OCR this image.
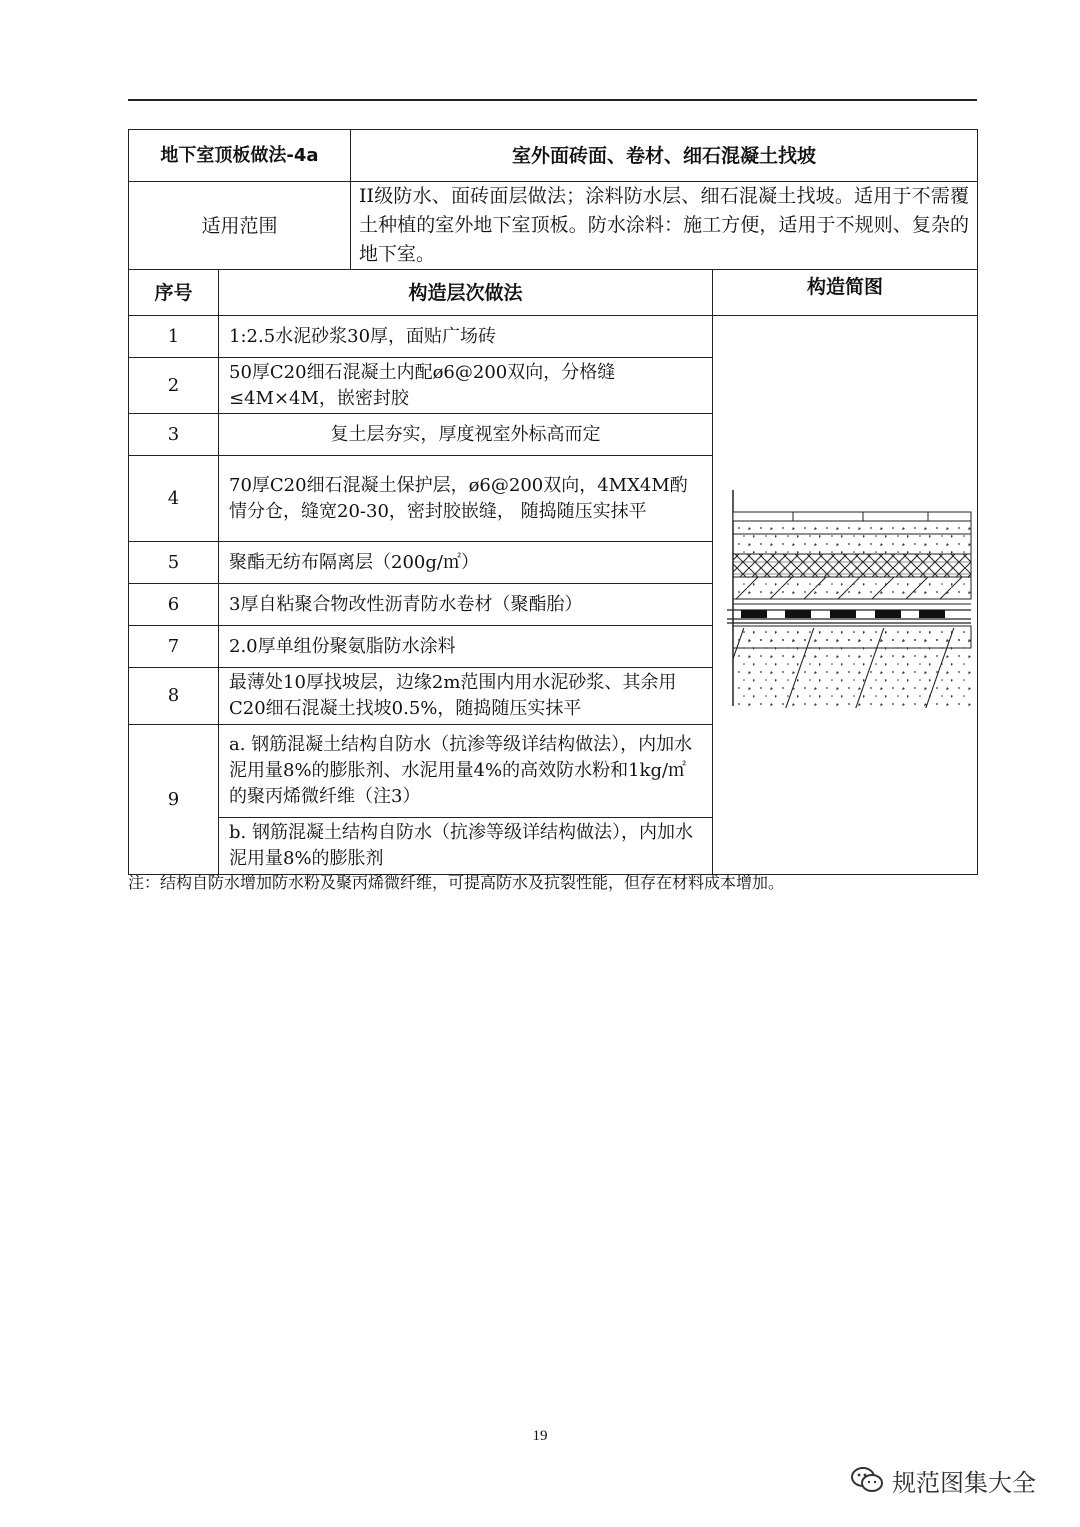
地下室顶板做法-4a		室外面砖面、卷材、细石混凝土找坡	
适用范围		II级防水、面砖面层做法；涂料防水层、细石混凝土找坡。适用于不需覆土种植的室外地下室顶板。防水涂料：施工方便，适用于不规则、复杂的地下室。	
序号	构造层次做法		构造简图
1	1:2.5水泥砂浆30厚，面贴广场砖	
2	50厚C20细石混凝土内配ø6@200双向，分格缝≤4M×4M，嵌密封胶		
3	复土层夯实，厚度视室外标高而定		
4	70厚C20细石混凝土保护层，ø6@200双向，4MX4M酌情分仓，缝宽20-30，密封胶嵌缝， 随捣随压实抹平		
5	聚酯无纺布隔离层（200g/㎡）		
6	3厚自粘聚合物改性沥青防水卷材（聚酯胎）		
7	2.0厚单组份聚氨脂防水涂料		
8	最薄处10厚找坡层，边缘2m范围内用水泥砂浆、其余用C20细石混凝土找坡0.5%，随捣随压实抹平		
9	a. 钢筋混凝土结构自防水（抗渗等级详结构做法），内加水泥用量8%的膨胀剂、水泥用量4%的高效防水粉和1kg/㎡的聚丙烯微纤维（注3）		
	b. 钢筋混凝土结构自防水（抗渗等级详结构做法），内加水泥用量8%的膨胀剂		
注：结构自防水增加防水粉及聚丙烯微纤维，可提高防水及抗裂性能，但存在材料成本增加。
19
规范图集大全
